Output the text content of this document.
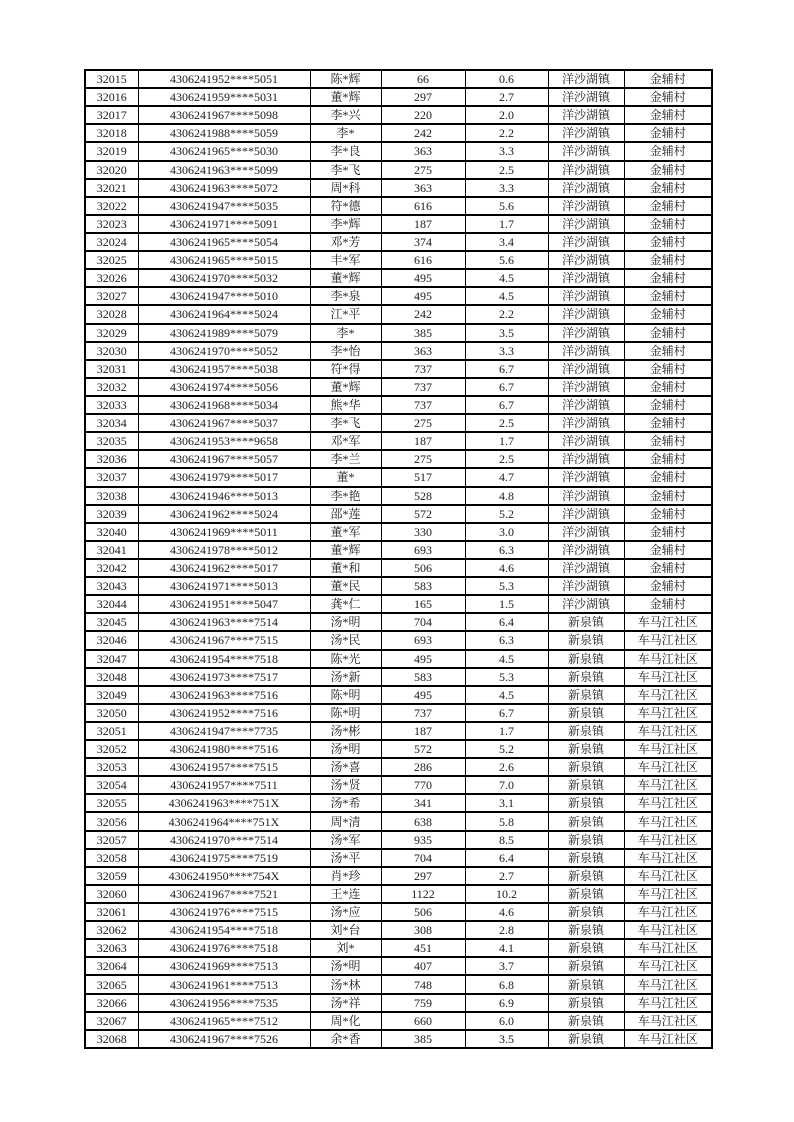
32015	4306241952****5051	陈*辉	66	0.6	洋沙湖镇	金辅村
32016	4306241959****5031	董*辉	297	2.7	洋沙湖镇	金辅村
32017	4306241967****5098	李*兴	220	2.0	洋沙湖镇	金辅村
32018	4306241988****5059	李*	242	2.2	洋沙湖镇	金辅村
32019	4306241965****5030	李*良	363	3.3	洋沙湖镇	金辅村
32020	4306241963****5099	李*飞	275	2.5	洋沙湖镇	金辅村
32021	4306241963****5072	周*科	363	3.3	洋沙湖镇	金辅村
32022	4306241947****5035	符*德	616	5.6	洋沙湖镇	金辅村
32023	4306241971****5091	李*辉	187	1.7	洋沙湖镇	金辅村
32024	4306241965****5054	邓*芳	374	3.4	洋沙湖镇	金辅村
32025	4306241965****5015	丰*军	616	5.6	洋沙湖镇	金辅村
32026	4306241970****5032	董*辉	495	4.5	洋沙湖镇	金辅村
32027	4306241947****5010	李*泉	495	4.5	洋沙湖镇	金辅村
32028	4306241964****5024	江*平	242	2.2	洋沙湖镇	金辅村
32029	4306241989****5079	李*	385	3.5	洋沙湖镇	金辅村
32030	4306241970****5052	李*怡	363	3.3	洋沙湖镇	金辅村
32031	4306241957****5038	符*得	737	6.7	洋沙湖镇	金辅村
32032	4306241974****5056	董*辉	737	6.7	洋沙湖镇	金辅村
32033	4306241968****5034	熊*华	737	6.7	洋沙湖镇	金辅村
32034	4306241967****5037	李*飞	275	2.5	洋沙湖镇	金辅村
32035	4306241953****9658	邓*军	187	1.7	洋沙湖镇	金辅村
32036	4306241967****5057	李*兰	275	2.5	洋沙湖镇	金辅村
32037	4306241979****5017	董*	517	4.7	洋沙湖镇	金辅村
32038	4306241946****5013	李*艳	528	4.8	洋沙湖镇	金辅村
32039	4306241962****5024	邵*莲	572	5.2	洋沙湖镇	金辅村
32040	4306241969****5011	董*军	330	3.0	洋沙湖镇	金辅村
32041	4306241978****5012	董*辉	693	6.3	洋沙湖镇	金辅村
32042	4306241962****5017	董*和	506	4.6	洋沙湖镇	金辅村
32043	4306241971****5013	董*民	583	5.3	洋沙湖镇	金辅村
32044	4306241951****5047	龚*仁	165	1.5	洋沙湖镇	金辅村
32045	4306241963****7514	汤*明	704	6.4	新泉镇	车马江社区
32046	4306241967****7515	汤*民	693	6.3	新泉镇	车马江社区
32047	4306241954****7518	陈*光	495	4.5	新泉镇	车马江社区
32048	4306241973****7517	汤*新	583	5.3	新泉镇	车马江社区
32049	4306241963****7516	陈*明	495	4.5	新泉镇	车马江社区
32050	4306241952****7516	陈*明	737	6.7	新泉镇	车马江社区
32051	4306241947****7735	汤*彬	187	1.7	新泉镇	车马江社区
32052	4306241980****7516	汤*明	572	5.2	新泉镇	车马江社区
32053	4306241957****7515	汤*喜	286	2.6	新泉镇	车马江社区
32054	4306241957****7511	汤*贤	770	7.0	新泉镇	车马江社区
32055	4306241963****751X	汤*希	341	3.1	新泉镇	车马江社区
32056	4306241964****751X	周*清	638	5.8	新泉镇	车马江社区
32057	4306241970****7514	汤*军	935	8.5	新泉镇	车马江社区
32058	4306241975****7519	汤*平	704	6.4	新泉镇	车马江社区
32059	4306241950****754X	肖*珍	297	2.7	新泉镇	车马江社区
32060	4306241967****7521	王*连	1122	10.2	新泉镇	车马江社区
32061	4306241976****7515	汤*应	506	4.6	新泉镇	车马江社区
32062	4306241954****7518	刘*台	308	2.8	新泉镇	车马江社区
32063	4306241976****7518	刘*	451	4.1	新泉镇	车马江社区
32064	4306241969****7513	汤*明	407	3.7	新泉镇	车马江社区
32065	4306241961****7513	汤*林	748	6.8	新泉镇	车马江社区
32066	4306241956****7535	汤*祥	759	6.9	新泉镇	车马江社区
32067	4306241965****7512	周*化	660	6.0	新泉镇	车马江社区
32068	4306241967****7526	余*香	385	3.5	新泉镇	车马江社区
